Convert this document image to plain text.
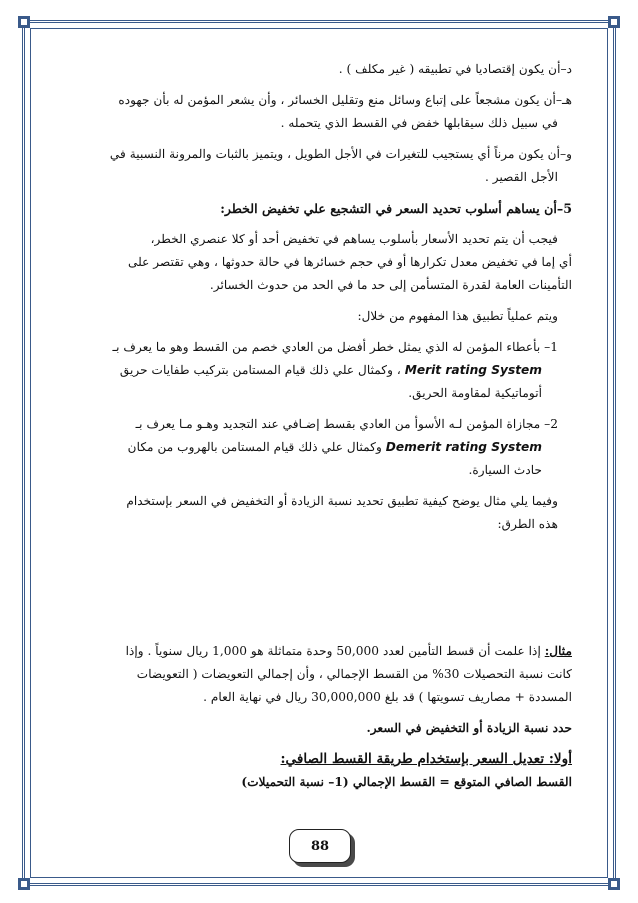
د–أن يكون إقتصاديا في تطبيقه ( غير مكلف ) .

هـ–أن يكون مشجعاً على إتباع وسائل منع وتقليل الخسائر ، وأن يشعر المؤمن له بأن جهوده

في سبيل ذلك سيقابلها خفض في القسط الذي يتحمله .

و–أن يكون مرناً أي يستجيب للتغيرات في الأجل الطويل ، ويتميز بالثبات والمرونة النسبية في

الأجل القصير .

5–أن يساهم أسلوب تحديد السعر في التشجيع علي تخفيض الخطر:

فيجب أن يتم تحديد الأسعار بأسلوب يساهم في تخفيض أحد أو كلا عنصري الخطر،

أي إما في تخفيض معدل تكرارها أو في حجم خسائرها في حالة حدوثها ، وهي تقتصر على

التأمينات العامة لقدرة المتسأمن إلى حد ما في الحد من حدوث الخسائر.

ويتم عملياً تطبيق هذا المفهوم من خلال:

1– بأعطاء المؤمن له الذي يمثل خطر أفضل من العادي خصم من القسط وهو ما يعرف بـ

Merit rating System ، وكمثال علي ذلك قيام المستامن بتركيب طفايات حريق

أتوماتيكية لمقاومة الحريق.

2– مجازاة المؤمن لـه الأسوأ من العادي بقسط إضـافي عند التجديد وهـو مـا يعرف بـ

Demerit rating System وكمثال علي ذلك قيام المستامن بالهروب من مكان

حادث السيارة.

وفيما يلي مثال يوضح كيفية تطبيق تحديد نسبة الزيادة أو التخفيض في السعر بإستخدام

هذه الطرق:

مثال: إذا علمت أن قسط التأمين لعدد 50,000 وحدة متماثلة هو 1,000 ريال سنوياً . وإذا

كانت نسبة التحصيلات 30% من القسط الإجمالي ، وأن إجمالي التعويضات ( التعويضات

المسددة + مصاريف تسويتها ) قد بلغ 30,000,000 ريال في نهاية العام .

حدد نسبة الزيادة أو التخفيض في السعر.

أولا: تعديل السعر بإستخدام طريقة القسط الصافي:

القسط الصافي المتوقع = القسط الإجمالي (1– نسبة التحميلات)

88
